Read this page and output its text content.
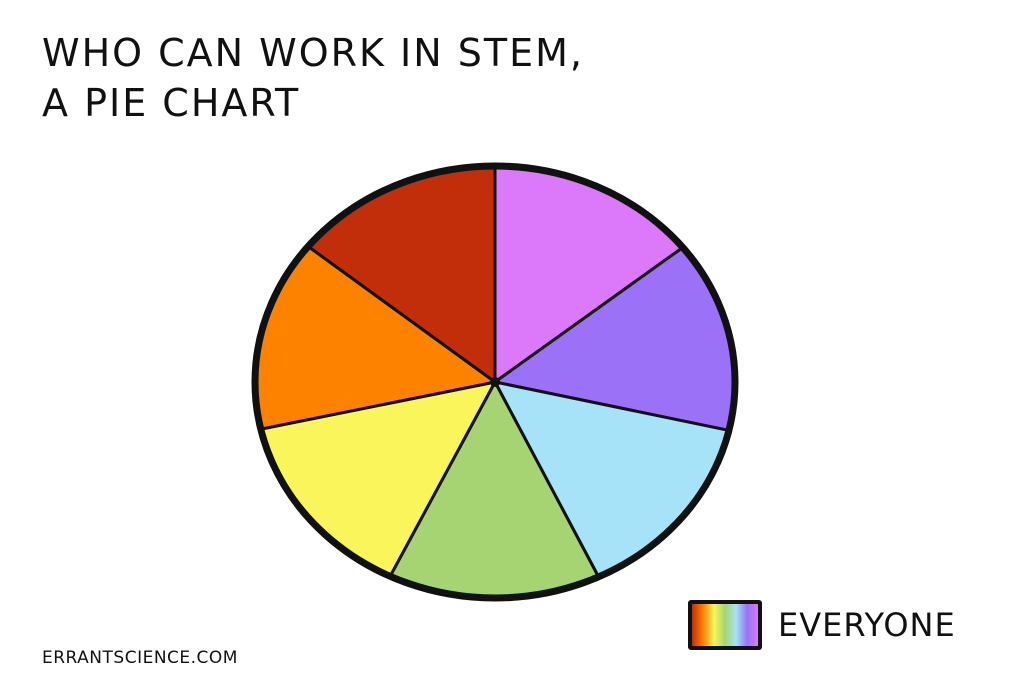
WHO CAN WORK IN STEM,
A PIE CHART
EVERYONE
ERRANTSCIENCE.COM
